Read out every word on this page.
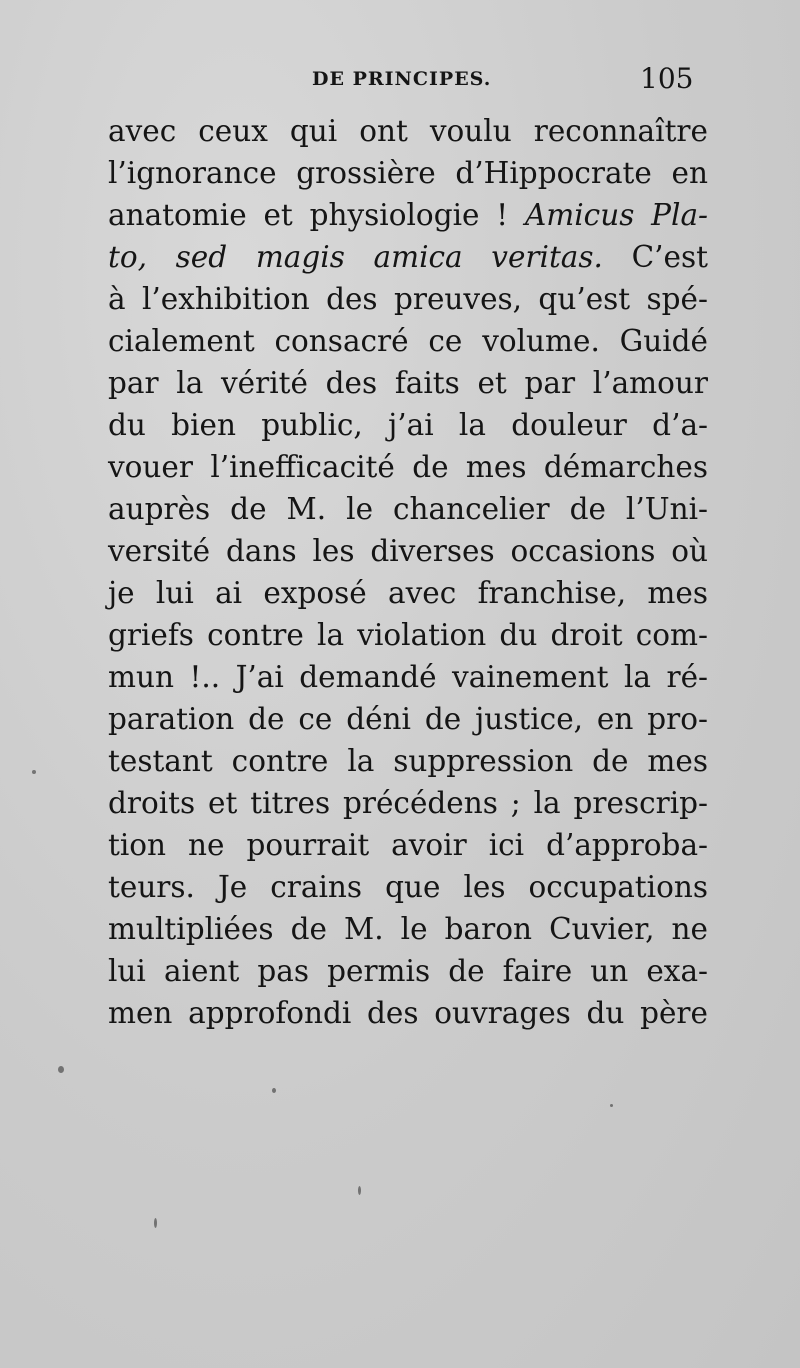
DE PRINCIPES.	105
avec ceux qui ont voulu reconnaître
l’ignorance grossière d’Hippocrate en
anatomie et physiologie ! Amicus Pla-
to, sed magis amica veritas. C’est
à l’exhibition des preuves, qu’est spé-
cialement consacré ce volume. Guidé
par la vérité des faits et par l’amour
du bien public, j’ai la douleur d’a-
vouer l’inefficacité de mes démarches
auprès de M. le chancelier de l’Uni-
versité dans les diverses occasions où
je lui ai exposé avec franchise, mes
griefs contre la violation du droit com-
mun !.. J’ai demandé vainement la ré-
paration de ce déni de justice, en pro-
testant contre la suppression de mes
droits et titres précédens ; la prescrip-
tion ne pourrait avoir ici d’approba-
teurs. Je crains que les occupations
multipliées de M. le baron Cuvier, ne
lui aient pas permis de faire un exa-
men approfondi des ouvrages du père
